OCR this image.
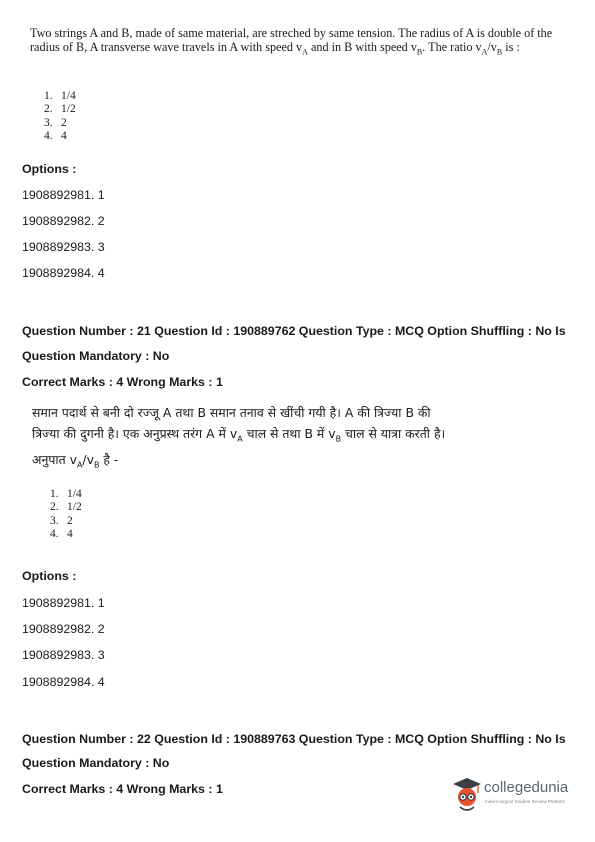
Two strings A and B, made of same material, are streched by same tension. The radius of A is double of the radius of B, A transverse wave travels in A with speed $v_A$ and in B with speed $v_B$. The ratio $v_A/v_B$ is :
1. 1/4
2. 1/2
3. 2
4. 4
Options :
1908892981. 1
1908892982. 2
1908892983. 3
1908892984. 4
Question Number : 21 Question Id : 190889762 Question Type : MCQ Option Shuffling : No Is
Question Mandatory : No
Correct Marks : 4 Wrong Marks : 1
समान पदार्थ से बनी दो रज्जू A तथा B समान तनाव से खींची गयी है। A की त्रिज्या B की
त्रिज्या की दुगनी है। एक अनुप्रस्थ तरंग A में $v_A$ चाल से तथा B में $v_B$ चाल से यात्रा करती है।
अनुपात $v_A/v_B$ है -
1. 1/4
2. 1/2
3. 2
4. 4
Options :
1908892981. 1
1908892982. 2
1908892983. 3
1908892984. 4
Question Number : 22 Question Id : 190889763 Question Type : MCQ Option Shuffling : No Is
Question Mandatory : No
Correct Marks : 4 Wrong Marks : 1	collegedunia
India's largest Student Review Platform
